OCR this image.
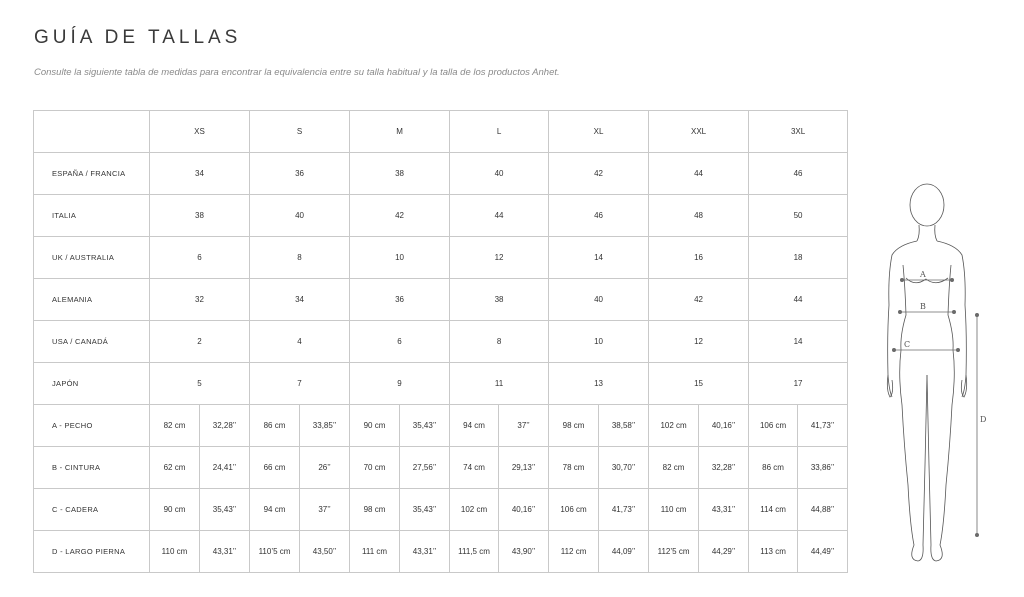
GUÍA DE TALLAS

Consulte la siguiente tabla de medidas para encontrar la equivalencia entre su talla habitual y la talla de los productos Anhet.

	XS		S		M		L		XL		XXL		3XL	
ESPAÑA / FRANCIA	34		36		38		40		42		44		46	
ITALIA	38		40		42		44		46		48		50	
UK / AUSTRALIA	6		8		10		12		14		16		18	
ALEMANIA	32		34		36		38		40		42		44	
USA / CANADÁ	2		4		6		8		10		12		14	
JAPÓN	5		7		9		11		13		15		17	
A - PECHO	82 cm	32,28’’	86 cm	33,85’’	90 cm	35,43’’	94 cm	37’’	98 cm	38,58’’	102 cm	40,16’’	106 cm	41,73’’
B - CINTURA	62 cm	24,41’’	66 cm	26’’	70 cm	27,56’’	74 cm	29,13’’	78 cm	30,70’’	82 cm	32,28’’	86 cm	33,86’’
C - CADERA	90 cm	35,43’’	94 cm	37’’	98 cm	35,43’’	102 cm	40,16’’	106 cm	41,73’’	110 cm	43,31’’	114 cm	44,88’’
D - LARGO PIERNA	110 cm	43,31’’	110’5 cm	43,50’’	111 cm	43,31’’	111,5 cm	43,90’’	112 cm	44,09’’	112’5 cm	44,29’’	113 cm	44,49’’
A
B
C
D
